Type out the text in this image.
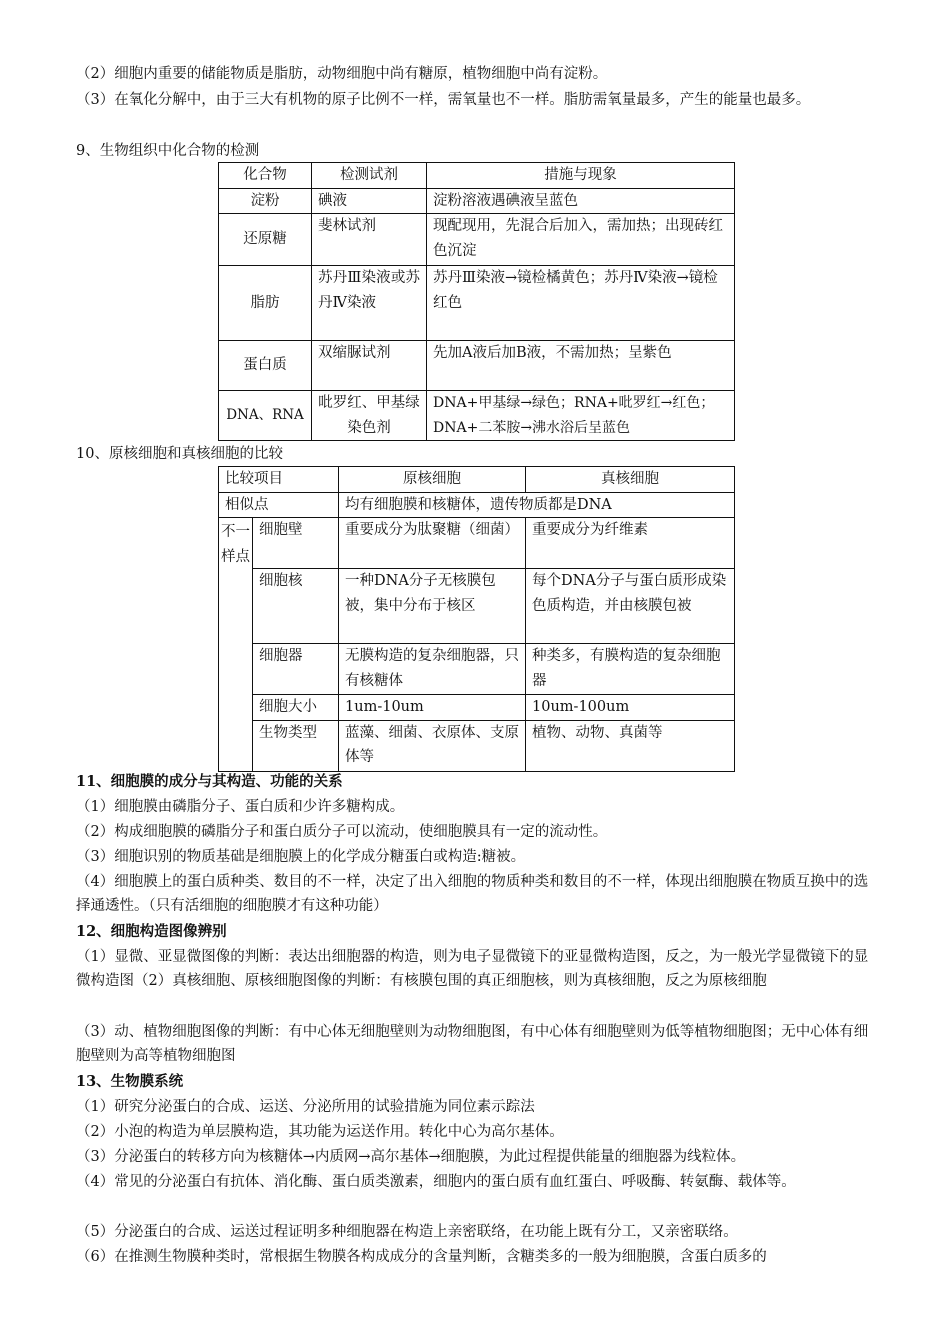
（2）细胞内重要的储能物质是脂肪，动物细胞中尚有糖原，植物细胞中尚有淀粉。

（3）在氧化分解中，由于三大有机物的原子比例不一样，需氧量也不一样。脂肪需氧量最多，产生的能量也最多。

9、生物组织中化合物的检测

化合物	检测试剂	措施与现象
淀粉	碘液	淀粉溶液遇碘液呈蓝色
还原糖	斐林试剂	现配现用，先混合后加入，需加热；出现砖红色沉淀
脂肪	苏丹Ⅲ染液或苏丹Ⅳ染液	苏丹Ⅲ染液→镜检橘黄色；苏丹Ⅳ染液→镜检红色
蛋白质	双缩脲试剂	先加A液后加B液，不需加热；呈紫色
DNA、RNA	吡罗红、甲基绿染色剂	DNA+甲基绿→绿色；RNA+吡罗红→红色；DNA+二苯胺→沸水浴后呈蓝色

10、原核细胞和真核细胞的比较

比较项目		原核细胞	真核细胞
相似点		均有细胞膜和核糖体，遗传物质都是DNA	
不一样点	细胞壁	重要成分为肽聚糖（细菌）	重要成分为纤维素
	细胞核	一种DNA分子无核膜包被，集中分布于核区	每个DNA分子与蛋白质形成染色质构造，并由核膜包被
	细胞器	无膜构造的复杂细胞器，只有核糖体	种类多，有膜构造的复杂细胞器
	细胞大小	1um-10um	10um-100um
	生物类型	蓝藻、细菌、衣原体、支原体等	植物、动物、真菌等

11、细胞膜的成分与其构造、功能的关系

（1）细胞膜由磷脂分子、蛋白质和少许多糖构成。

（2）构成细胞膜的磷脂分子和蛋白质分子可以流动，使细胞膜具有一定的流动性。

（3）细胞识别的物质基础是细胞膜上的化学成分糖蛋白或构造:糖被。

（4）细胞膜上的蛋白质种类、数目的不一样，决定了出入细胞的物质种类和数目的不一样，体现出细胞膜在物质互换中的选择通透性。（只有活细胞的细胞膜才有这种功能）

12、细胞构造图像辨别

（1）显微、亚显微图像的判断：表达出细胞器的构造，则为电子显微镜下的亚显微构造图，反之，为一般光学显微镜下的显微构造图（2）真核细胞、原核细胞图像的判断：有核膜包围的真正细胞核，则为真核细胞，反之为原核细胞

（3）动、植物细胞图像的判断：有中心体无细胞壁则为动物细胞图，有中心体有细胞壁则为低等植物细胞图；无中心体有细胞壁则为高等植物细胞图

13、生物膜系统

（1）研究分泌蛋白的合成、运送、分泌所用的试验措施为同位素示踪法

（2）小泡的构造为单层膜构造，其功能为运送作用。转化中心为高尔基体。

（3）分泌蛋白的转移方向为核糖体→内质网→高尔基体→细胞膜，为此过程提供能量的细胞器为线粒体。

（4）常见的分泌蛋白有抗体、消化酶、蛋白质类激素，细胞内的蛋白质有血红蛋白、呼吸酶、转氨酶、载体等。

（5）分泌蛋白的合成、运送过程证明多种细胞器在构造上亲密联络，在功能上既有分工，又亲密联络。

（6）在推测生物膜种类时，常根据生物膜各构成成分的含量判断，含糖类多的一般为细胞膜，含蛋白质多的
